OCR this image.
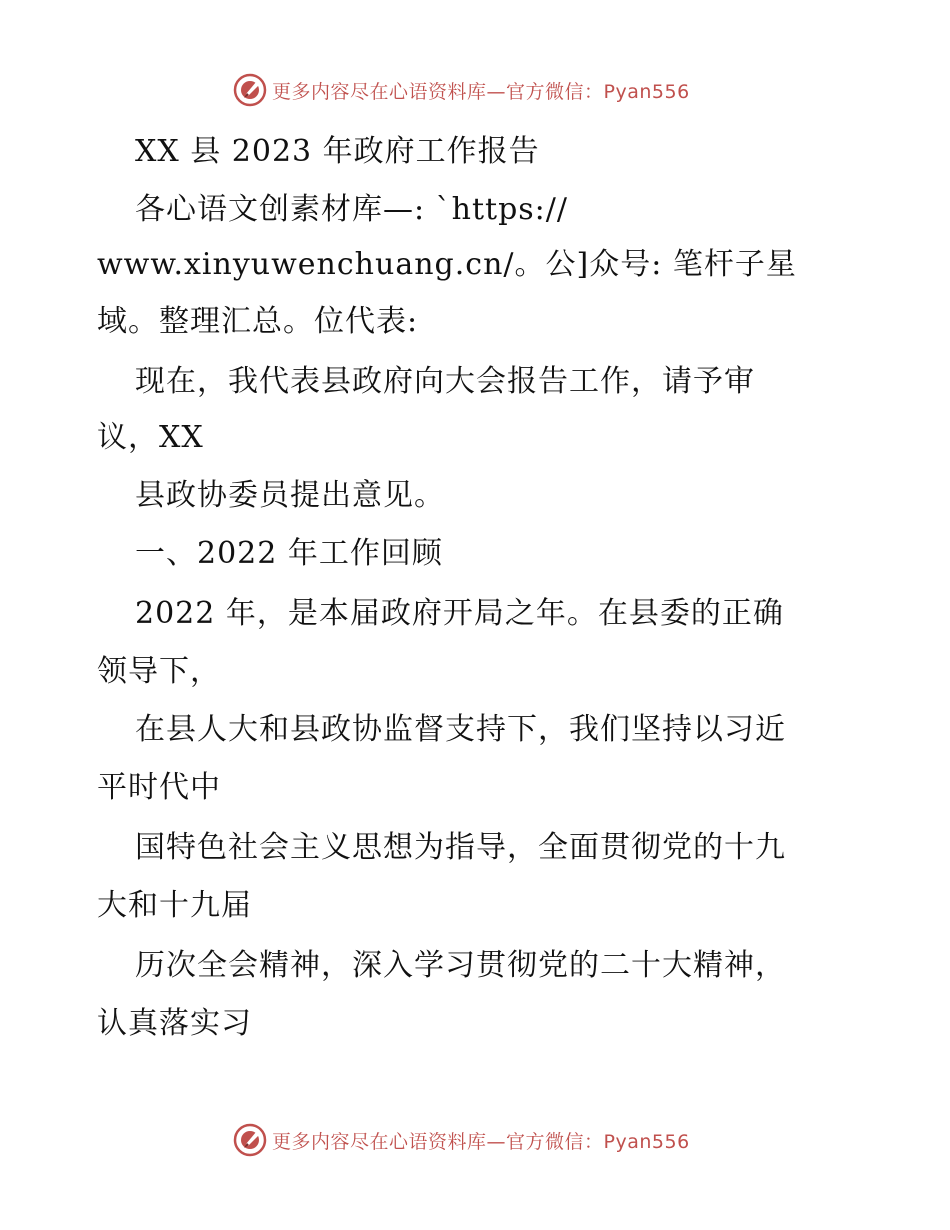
更多内容尽在心语资料库—官方微信：Pyan556
XX 县 2023 年政府工作报告
各心语文创素材库—: `https://
www.xinyuwenchuang.cn/。公]众号: 笔杆子星
域。整理汇总。位代表:
现在，我代表县政府向大会报告工作，请予审
议，XX
县政协委员提出意见。
一、2022 年工作回顾
2022 年，是本届政府开局之年。在县委的正确
领导下，
在县人大和县政协监督支持下，我们坚持以习近
平时代中
国特色社会主义思想为指导，全面贯彻党的十九
大和十九届
历次全会精神，深入学习贯彻党的二十大精神，
认真落实习
更多内容尽在心语资料库—官方微信：Pyan556
